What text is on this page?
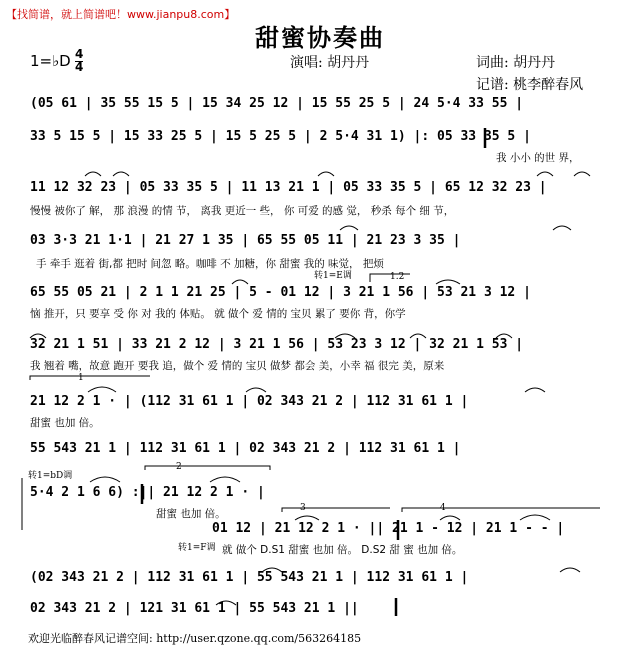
【找简谱，就上简谱吧！www.jianpu8.com】
甜蜜协奏曲
1=♭D 4
4	演唱: 胡丹丹	词曲: 胡丹丹
记谱: 桃李醉春风
(05 61 | 35 55 15 5 | 15 34 25 12 | 15 55 25 5 | 24 5·4 33 55 |
33 5 15 5 | 15 33 25 5 | 15 5 25 5 | 2 5·4 31 1) |: 05 33 35 5 |
我 小小 的世 界，
11 12 32 23 | 05 33 35 5 | 11 13 21 1 | 05 33 35 5 | 65 12 32 23 |
慢慢 被你了 解， 那 浪漫 的情 节， 离我 更近一 些， 你 可爱 的感 觉， 秒杀 每个 细 节，
03 3·3 21 1·1 | 21 27 1 35 | 65 55 05 11 | 21 23 3 35 |
手 牵手 逛着 街,都 把时 间忽 略。咖啡 不 加糖，你 甜蜜 我的 味觉， 把烦
转1=E调	1.2
65 55 05 21 | 2 1 1 21 25 | 5 - 01 12 | 3 21 1 56 | 53 21 3 12 |
恼 推开，只 要享 受 你 对 我的 体贴。 就 做个 爱 情的 宝贝 累了 要你 背，你学
32 21 1 51 | 33 21 2 12 | 3 21 1 56 | 53 23 3 12 | 32 21 1 53 |
我 翘着 嘴，故意 跑开 要我 追，做个 爱 情的 宝贝 做梦 都会 美，小幸 福 很完 美，原来
1
21 12 2 1 · | (112 31 61 1 | 02 343 21 2 | 112 31 61 1 |
甜蜜 也加 倍。
55 543 21 1 | 112 31 61 1 | 02 343 21 2 | 112 31 61 1 |
转1=bD调
2
5·4 2 1 6 6) :|| 21 12 2 1 · |
甜蜜 也加 倍。	3	4
01 12 | 21 12 2 1 · || 21 1 - 12 | 21 1 - - |
转1=F调 就 做个 D.S1 甜蜜 也加 倍。 D.S2 甜 蜜 也加 倍。
(02 343 21 2 | 112 31 61 1 | 55 543 21 1 | 112 31 61 1 |
02 343 21 2 | 121 31 61 1 | 55 543 21 1 ||
欢迎光临醉春风记谱空间: http://user.qzone.qq.com/563264185
